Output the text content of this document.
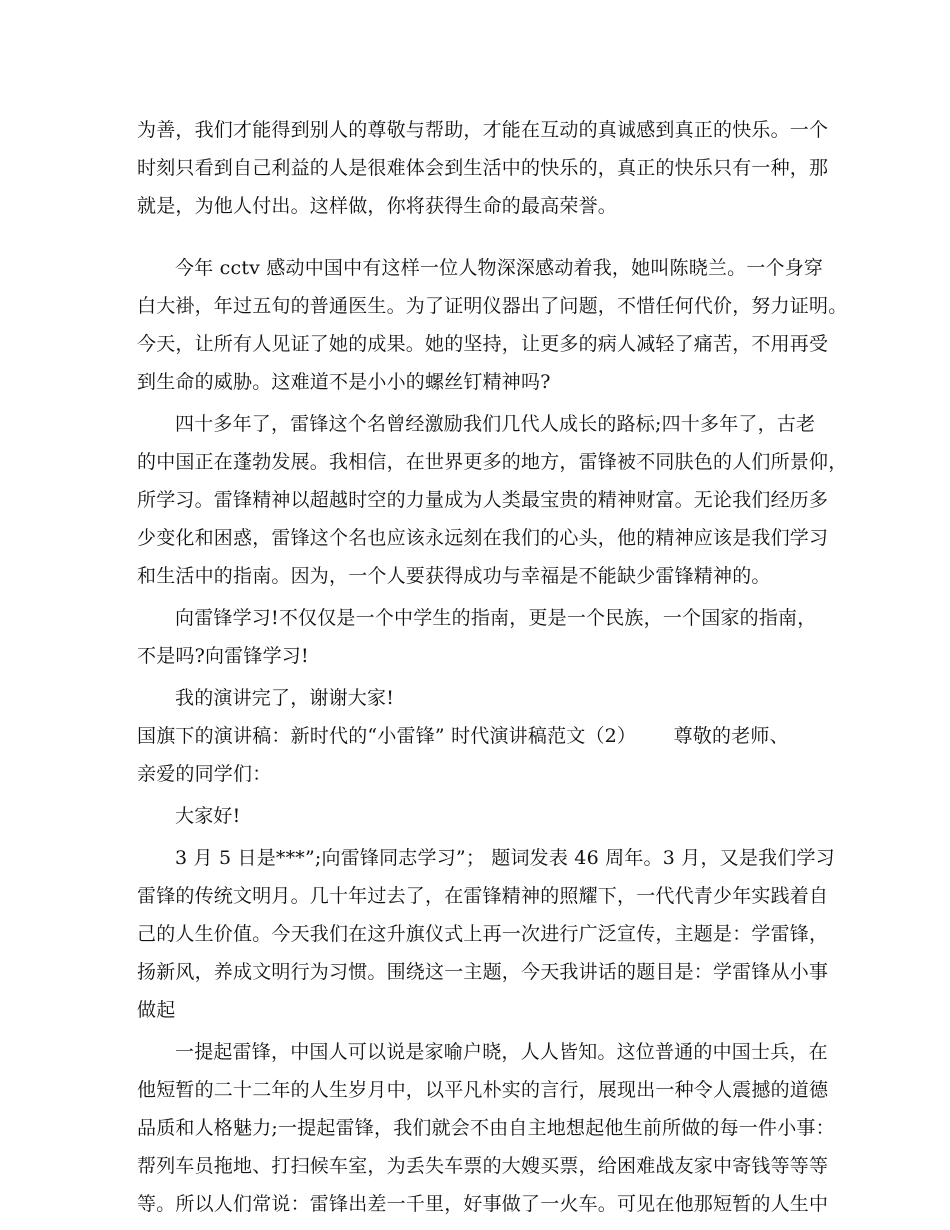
为善，我们才能得到别人的尊敬与帮助，才能在互动的真诚感到真正的快乐。一个
时刻只看到自己利益的人是很难体会到生活中的快乐的，真正的快乐只有一种，那
就是，为他人付出。这样做，你将获得生命的最高荣誉。
今年 cctv 感动中国中有这样一位人物深深感动着我，她叫陈晓兰。一个身穿
白大褂，年过五旬的普通医生。为了证明仪器出了问题，不惜任何代价，努力证明。
今天，让所有人见证了她的成果。她的坚持，让更多的病人减轻了痛苦，不用再受
到生命的威胁。这难道不是小小的螺丝钉精神吗?
四十多年了，雷锋这个名曾经激励我们几代人成长的路标;四十多年了，古老
的中国正在蓬勃发展。我相信，在世界更多的地方，雷锋被不同肤色的人们所景仰，
所学习。雷锋精神以超越时空的力量成为人类最宝贵的精神财富。无论我们经历多
少变化和困惑，雷锋这个名也应该永远刻在我们的心头，他的精神应该是我们学习
和生活中的指南。因为，一个人要获得成功与幸福是不能缺少雷锋精神的。
向雷锋学习!不仅仅是一个中学生的指南，更是一个民族，一个国家的指南，
不是吗?向雷锋学习!
我的演讲完了，谢谢大家!
国旗下的演讲稿：新时代的“小雷锋” 时代演讲稿范文（2）      尊敬的老师、
亲爱的同学们：
大家好!
3 月 5 日是***”;向雷锋同志学习”； 题词发表 46 周年。3 月，又是我们学习
雷锋的传统文明月。几十年过去了，在雷锋精神的照耀下，一代代青少年实践着自
己的人生价值。今天我们在这升旗仪式上再一次进行广泛宣传，主题是：学雷锋，
扬新风，养成文明行为习惯。围绕这一主题，今天我讲话的题目是：学雷锋从小事
做起
一提起雷锋，中国人可以说是家喻户晓，人人皆知。这位普通的中国士兵，在
他短暂的二十二年的人生岁月中，以平凡朴实的言行，展现出一种令人震撼的道德
品质和人格魅力;一提起雷锋，我们就会不由自主地想起他生前所做的每一件小事：
帮列车员拖地、打扫候车室，为丢失车票的大嫂买票，给困难战友家中寄钱等等等
等。所以人们常说：雷锋出差一千里，好事做了一火车。可见在他那短暂的人生中
